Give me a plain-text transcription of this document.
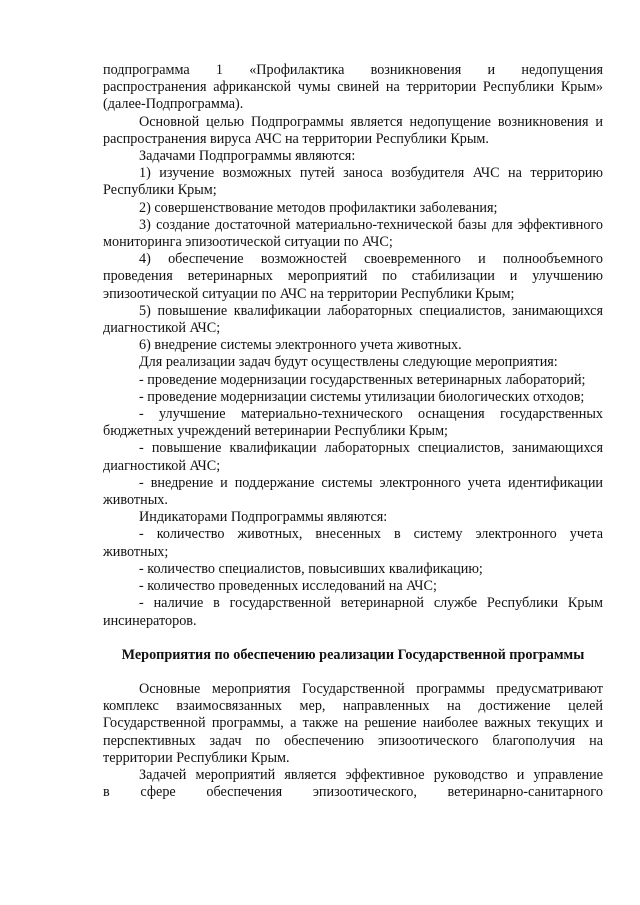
подпрограмма 1 «Профилактика возникновения и недопущения

распространения африканской чумы свиней на территории Республики Крым» (далее-Подпрограмма).

Основной целью Подпрограммы является недопущение возникновения и распространения вируса АЧС на территории Республики Крым.

Задачами Подпрограммы являются:

1) изучение возможных путей заноса возбудителя АЧС на территорию Республики Крым;

2) совершенствование методов профилактики заболевания;

3) создание достаточной материально-технической базы для эффективного мониторинга эпизоотической ситуации по АЧС;

4) обеспечение возможностей своевременного и полнообъемного проведения ветеринарных мероприятий по стабилизации и улучшению эпизоотической ситуации по АЧС на территории Республики Крым;

5) повышение квалификации лабораторных специалистов, занимающихся диагностикой АЧС;

6) внедрение системы электронного учета животных.

Для реализации задач будут осуществлены следующие мероприятия:

- проведение модернизации государственных ветеринарных лабораторий;

- проведение модернизации системы утилизации биологических отходов;

- улучшение материально-технического оснащения государственных бюджетных учреждений ветеринарии Республики Крым;

- повышение квалификации лабораторных специалистов, занимающихся диагностикой АЧС;

- внедрение и поддержание системы электронного учета идентификации животных.

Индикаторами Подпрограммы являются:

- количество животных, внесенных в систему электронного учета животных;

- количество специалистов, повысивших квалификацию;

- количество проведенных исследований на АЧС;

- наличие в государственной ветеринарной службе Республики Крым инсинераторов.

Мероприятия по обеспечению реализации Государственной программы

Основные мероприятия Государственной программы предусматривают комплекс взаимосвязанных мер, направленных на достижение целей Государственной программы, а также на решение наиболее важных текущих и перспективных задач по обеспечению эпизоотического благополучия на территории Республики Крым.

Задачей мероприятий является эффективное руководство и управление

в сфере обеспечения эпизоотического, ветеринарно-санитарного
